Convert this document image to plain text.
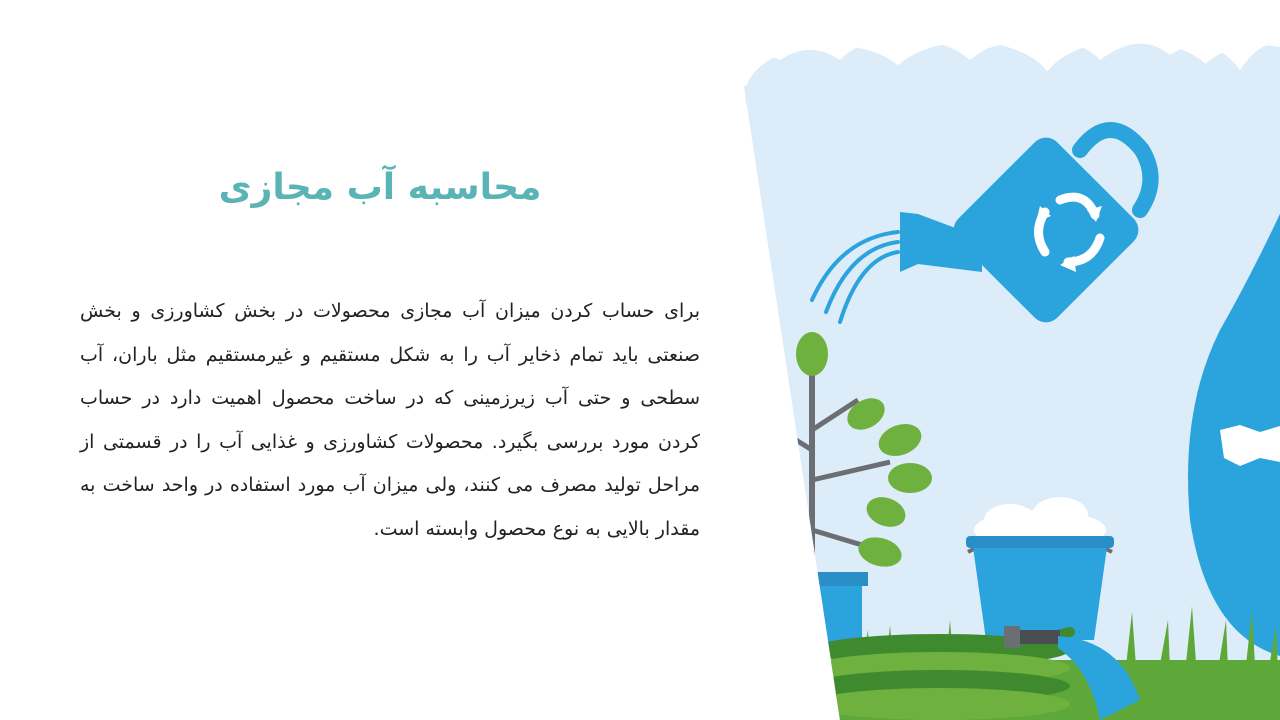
محاسبه آب مجازی

برای حساب کردن میزان آب مجازی محصولات در بخش کشاورزی و بخش صنعتی باید تمام ذخایر آب را به شکل مستقیم و غیرمستقیم مثل باران، آب سطحی و حتی آب زیرزمینی که در ساخت محصول اهمیت دارد در حساب کردن مورد بررسی بگیرد. محصولات کشاورزی و غذایی آب را در قسمتی از مراحل تولید مصرف می کنند، ولی میزان آب مورد استفاده در واحد ساخت به مقدار بالایی به نوع محصول وابسته است.
